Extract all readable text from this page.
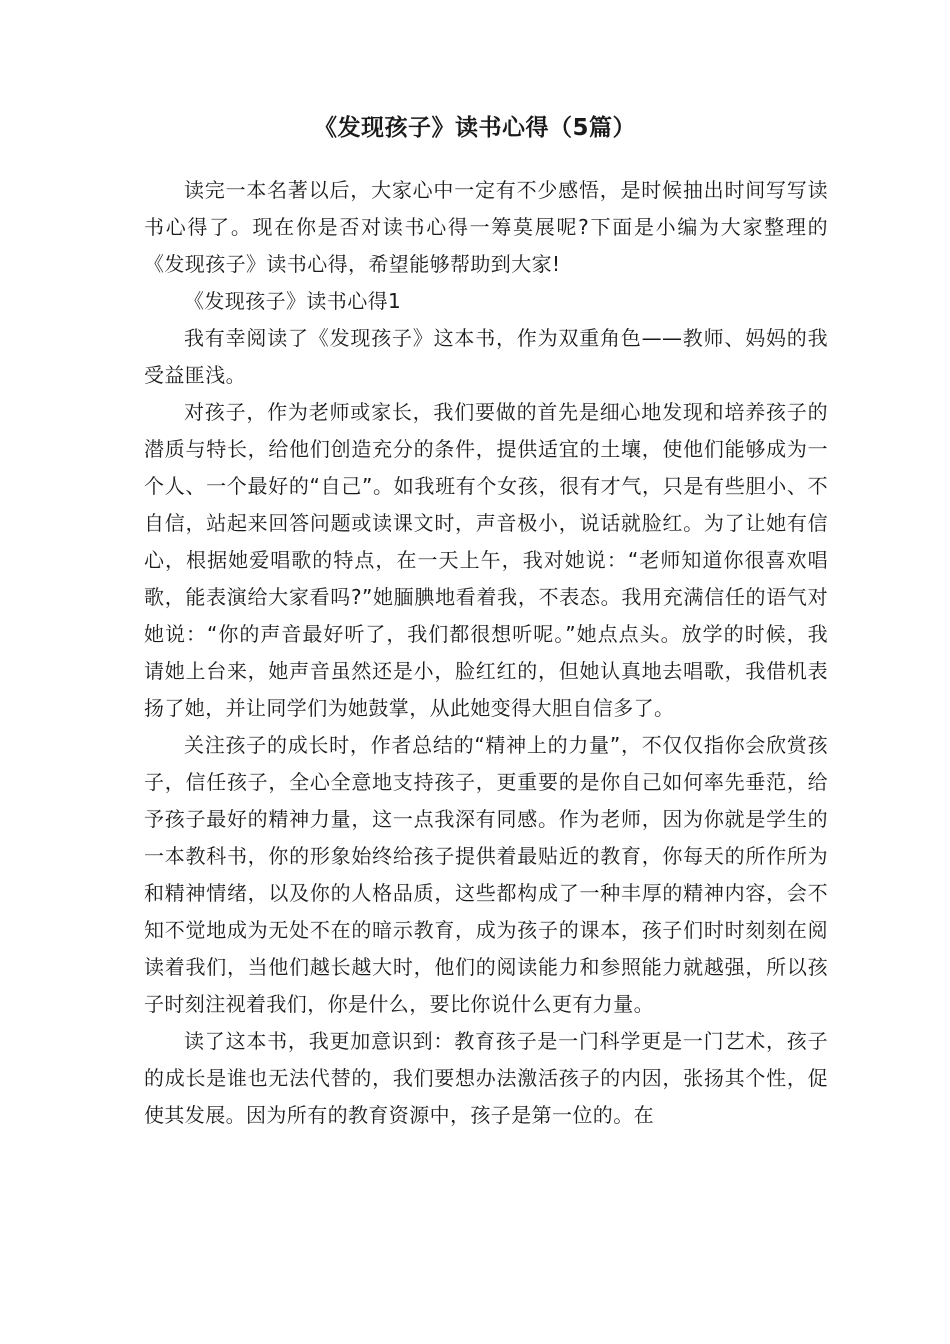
《发现孩子》读书心得（5篇）

读完一本名著以后，大家心中一定有不少感悟，是时候抽出时间写写读书心得了。现在你是否对读书心得一筹莫展呢?下面是小编为大家整理的《发现孩子》读书心得，希望能够帮助到大家!

《发现孩子》读书心得1

我有幸阅读了《发现孩子》这本书，作为双重角色——教师、妈妈的我受益匪浅。

对孩子，作为老师或家长，我们要做的首先是细心地发现和培养孩子的潜质与特长，给他们创造充分的条件，提供适宜的土壤，使他们能够成为一个人、一个最好的“自己”。如我班有个女孩，很有才气，只是有些胆小、不自信，站起来回答问题或读课文时，声音极小，说话就脸红。为了让她有信心，根据她爱唱歌的特点，在一天上午，我对她说：“老师知道你很喜欢唱歌，能表演给大家看吗?”她腼腆地看着我，不表态。我用充满信任的语气对她说：“你的声音最好听了，我们都很想听呢。”她点点头。放学的时候，我请她上台来，她声音虽然还是小，脸红红的，但她认真地去唱歌，我借机表扬了她，并让同学们为她鼓掌，从此她变得大胆自信多了。

关注孩子的成长时，作者总结的“精神上的力量”，不仅仅指你会欣赏孩子，信任孩子，全心全意地支持孩子，更重要的是你自己如何率先垂范，给予孩子最好的精神力量，这一点我深有同感。作为老师，因为你就是学生的一本教科书，你的形象始终给孩子提供着最贴近的教育，你每天的所作所为和精神情绪，以及你的人格品质，这些都构成了一种丰厚的精神内容，会不知不觉地成为无处不在的暗示教育，成为孩子的课本，孩子们时时刻刻在阅读着我们，当他们越长越大时，他们的阅读能力和参照能力就越强，所以孩子时刻注视着我们，你是什么，要比你说什么更有力量。

读了这本书，我更加意识到：教育孩子是一门科学更是一门艺术，孩子的成长是谁也无法代替的，我们要想办法激活孩子的内因，张扬其个性，促使其发展。因为所有的教育资源中，孩子是第一位的。在
